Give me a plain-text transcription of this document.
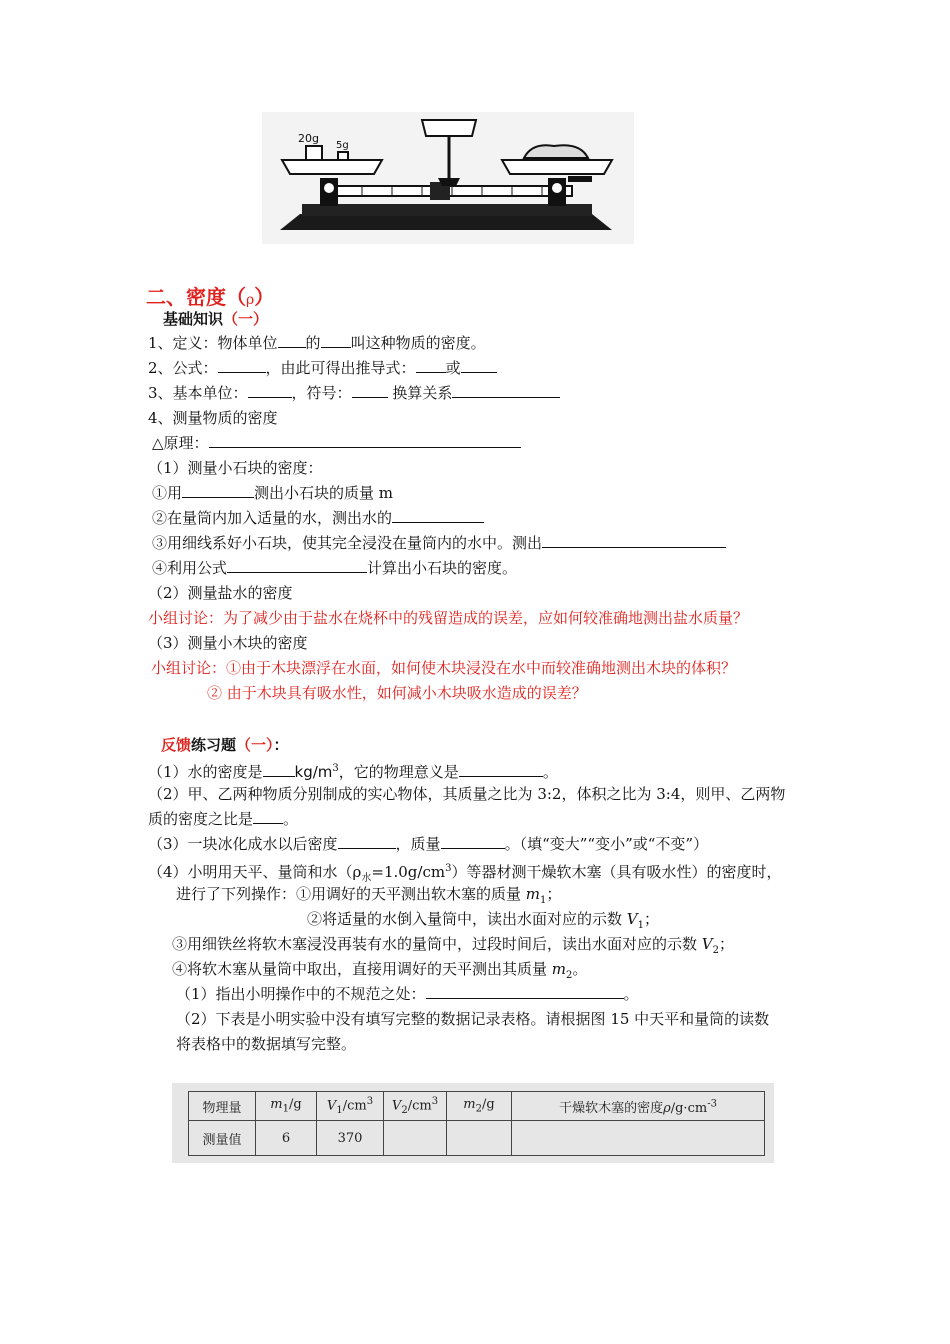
20g
5g
二、密度（ρ）
基础知识（一）
1、定义：物体单位 的 叫这种物质的密度。
2、公式：	，由此可得出推导式： 或
3、基本单位：	，符号： 换算关系
4、测量物质的密度
△原理：
（1）测量小石块的密度：
①用	测出小石块的质量 m
②在量筒内加入适量的水，测出水的
③用细线系好小石块，使其完全浸没在量筒内的水中。测出
④利用公式	计算出小石块的密度。
（2）测量盐水的密度
小组讨论：为了减少由于盐水在烧杯中的残留造成的误差，应如何较准确地测出盐水质量？
（3）测量小木块的密度
小组讨论：①由于木块漂浮在水面，如何使木块浸没在水中而较准确地测出木块的体积？
② 由于木块具有吸水性，如何减小木块吸水造成的误差？
反馈练习题（一）：
（1）水的密度是 $kg/m^3$，它的物理意义是	。
（2）甲、乙两种物质分别制成的实心物体，其质量之比为 3:2，体积之比为 3:4，则甲、乙两物
质的密度之比是 。
（3）一块冰化成水以后密度	，质量	。（填“变大”“变小”或“不变”）
（4）小明用天平、量筒和水$(\rho_水=1.0g/cm^3)$等器材测干燥软木塞（具有吸水性）的密度时，
进行了下列操作：①用调好的天平测出软木塞的质量 $m_1$；
②将适量的水倒入量筒中，读出水面对应的示数 $V_1$；
③用细铁丝将软木塞浸没再装有水的量筒中，过段时间后，读出水面对应的示数 $V_2$；
④将软木塞从量筒中取出，直接用调好的天平测出其质量 $m_2$。
（1）指出小明操作中的不规范之处：	。
（2）下表是小明实验中没有填写完整的数据记录表格。请根据图 15 中天平和量筒的读数
将表格中的数据填写完整。
物理量	$m_1/g$	$V_1/cm^3$	$V_2/cm^3$	$m_2/g$	干燥软木塞的密度$\rho/g\cdot cm^{-3}$
测量值	6	370			
